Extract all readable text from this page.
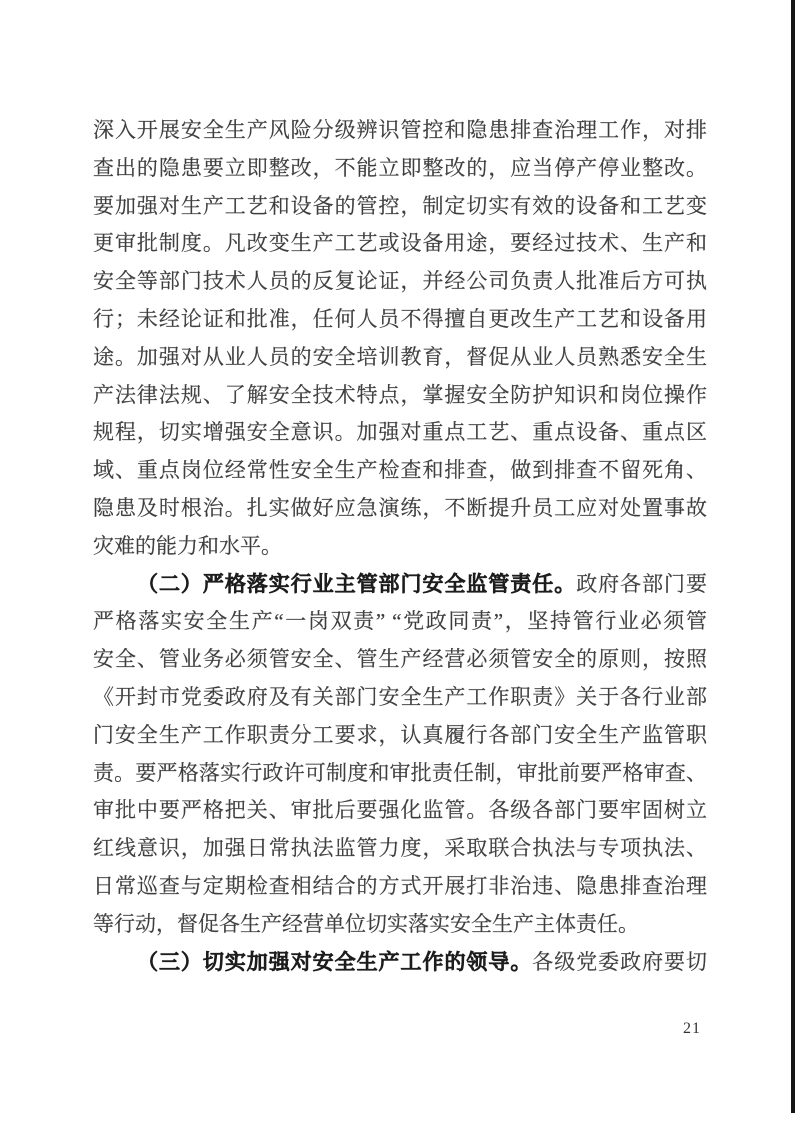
深入开展安全生产风险分级辨识管控和隐患排查治理工作，对排
查出的隐患要立即整改，不能立即整改的，应当停产停业整改。
要加强对生产工艺和设备的管控，制定切实有效的设备和工艺变
更审批制度。凡改变生产工艺或设备用途，要经过技术、生产和
安全等部门技术人员的反复论证，并经公司负责人批准后方可执
行；未经论证和批准，任何人员不得擅自更改生产工艺和设备用
途。加强对从业人员的安全培训教育，督促从业人员熟悉安全生
产法律法规、了解安全技术特点，掌握安全防护知识和岗位操作
规程，切实增强安全意识。加强对重点工艺、重点设备、重点区
域、重点岗位经常性安全生产检查和排查，做到排查不留死角、
隐患及时根治。扎实做好应急演练，不断提升员工应对处置事故
灾难的能力和水平。
（二）严格落实行业主管部门安全监管责任。政府各部门要
严格落实安全生产“一岗双责” “党政同责”，坚持管行业必须管
安全、管业务必须管安全、管生产经营必须管安全的原则，按照
《开封市党委政府及有关部门安全生产工作职责》关于各行业部
门安全生产工作职责分工要求，认真履行各部门安全生产监管职
责。要严格落实行政许可制度和审批责任制，审批前要严格审查、
审批中要严格把关、审批后要强化监管。各级各部门要牢固树立
红线意识，加强日常执法监管力度，采取联合执法与专项执法、
日常巡查与定期检查相结合的方式开展打非治违、隐患排查治理
等行动，督促各生产经营单位切实落实安全生产主体责任。
（三）切实加强对安全生产工作的领导。各级党委政府要切
21
